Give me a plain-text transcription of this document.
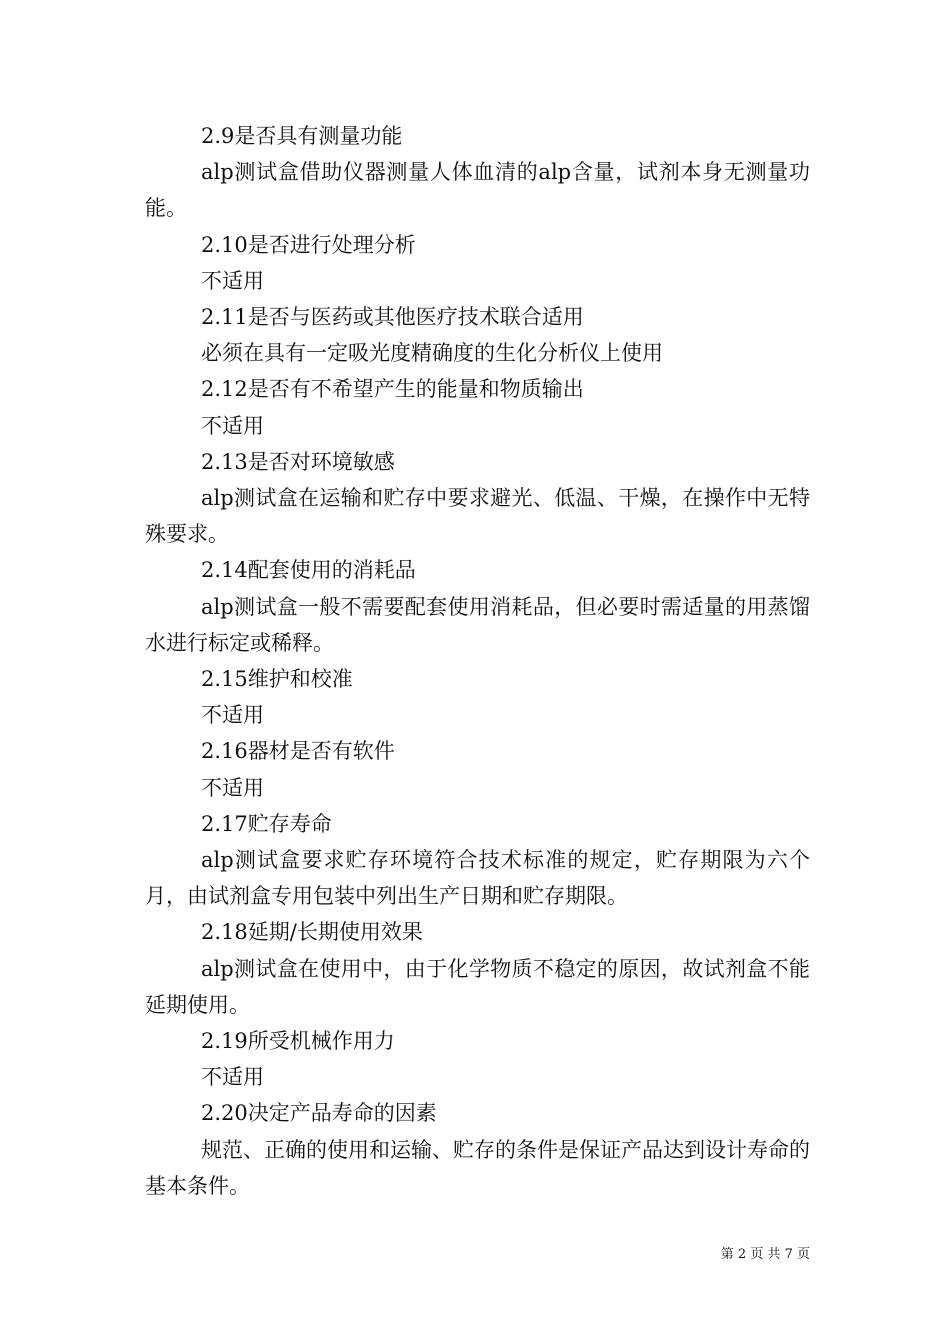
2.9是否具有测量功能

alp测试盒借助仪器测量人体血清的alp含量，试剂本身无测量功能。

2.10是否进行处理分析

不适用

2.11是否与医药或其他医疗技术联合适用

必须在具有一定吸光度精确度的生化分析仪上使用

2.12是否有不希望产生的能量和物质输出

不适用

2.13是否对环境敏感

alp测试盒在运输和贮存中要求避光、低温、干燥，在操作中无特殊要求。

2.14配套使用的消耗品

alp测试盒一般不需要配套使用消耗品，但必要时需适量的用蒸馏水进行标定或稀释。

2.15维护和校准

不适用

2.16器材是否有软件

不适用

2.17贮存寿命

alp测试盒要求贮存环境符合技术标准的规定，贮存期限为六个月，由试剂盒专用包装中列出生产日期和贮存期限。

2.18延期/长期使用效果

alp测试盒在使用中，由于化学物质不稳定的原因，故试剂盒不能延期使用。

2.19所受机械作用力

不适用

2.20决定产品寿命的因素

规范、正确的使用和运输、贮存的条件是保证产品达到设计寿命的基本条件。

第 2 页 共 7 页
